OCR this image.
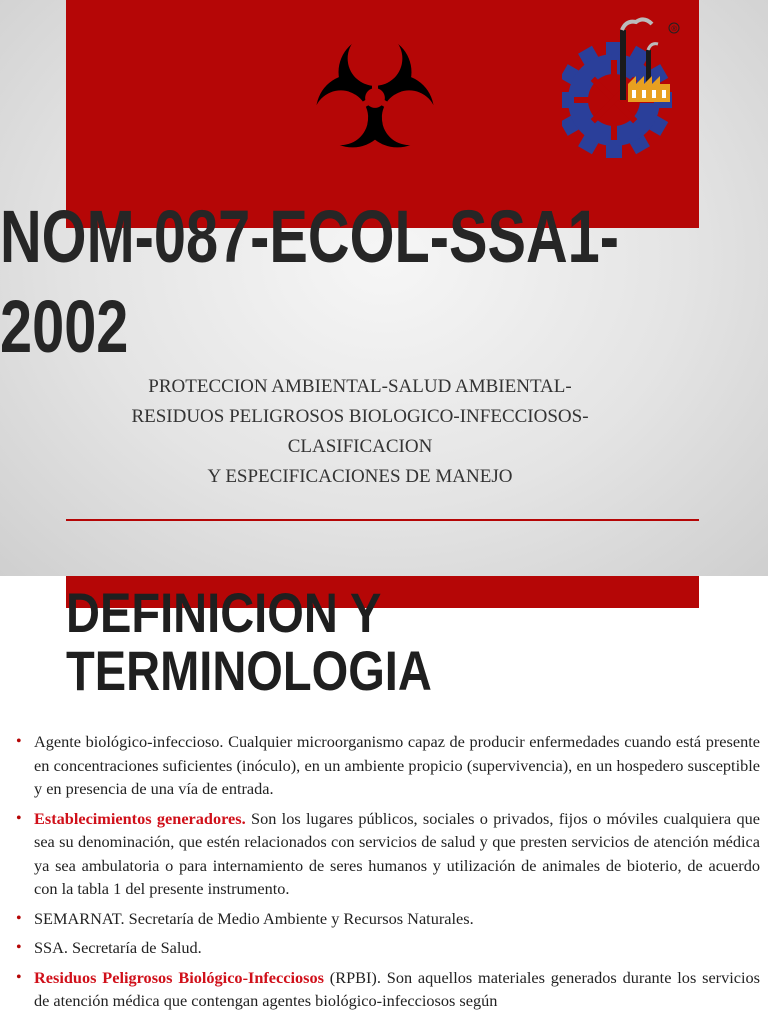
®
NOM-087-ECOL-SSA1-
2002
PROTECCION AMBIENTAL-SALUD AMBIENTAL-
RESIDUOS PELIGROSOS BIOLOGICO-INFECCIOSOS-
CLASIFICACION
Y ESPECIFICACIONES DE MANEJO
DEFINICION Y
TERMINOLOGIA
• Agente biológico-infeccioso. Cualquier microorganismo capaz de producir enfermedades cuando está presente en concentraciones suficientes (inóculo), en un ambiente propicio (supervivencia), en un hospedero susceptible y en presencia de una vía de entrada.
• Establecimientos generadores. Son los lugares públicos, sociales o privados, fijos o móviles cualquiera que sea su denominación, que estén relacionados con servicios de salud y que presten servicios de atención médica ya sea ambulatoria o para internamiento de seres humanos y utilización de animales de bioterio, de acuerdo con la tabla 1 del presente instrumento.
• SEMARNAT. Secretaría de Medio Ambiente y Recursos Naturales.
• SSA. Secretaría de Salud.
• Residuos Peligrosos Biológico-Infecciosos (RPBI). Son aquellos materiales generados durante los servicios de atención médica que contengan agentes biológico-infecciosos según
